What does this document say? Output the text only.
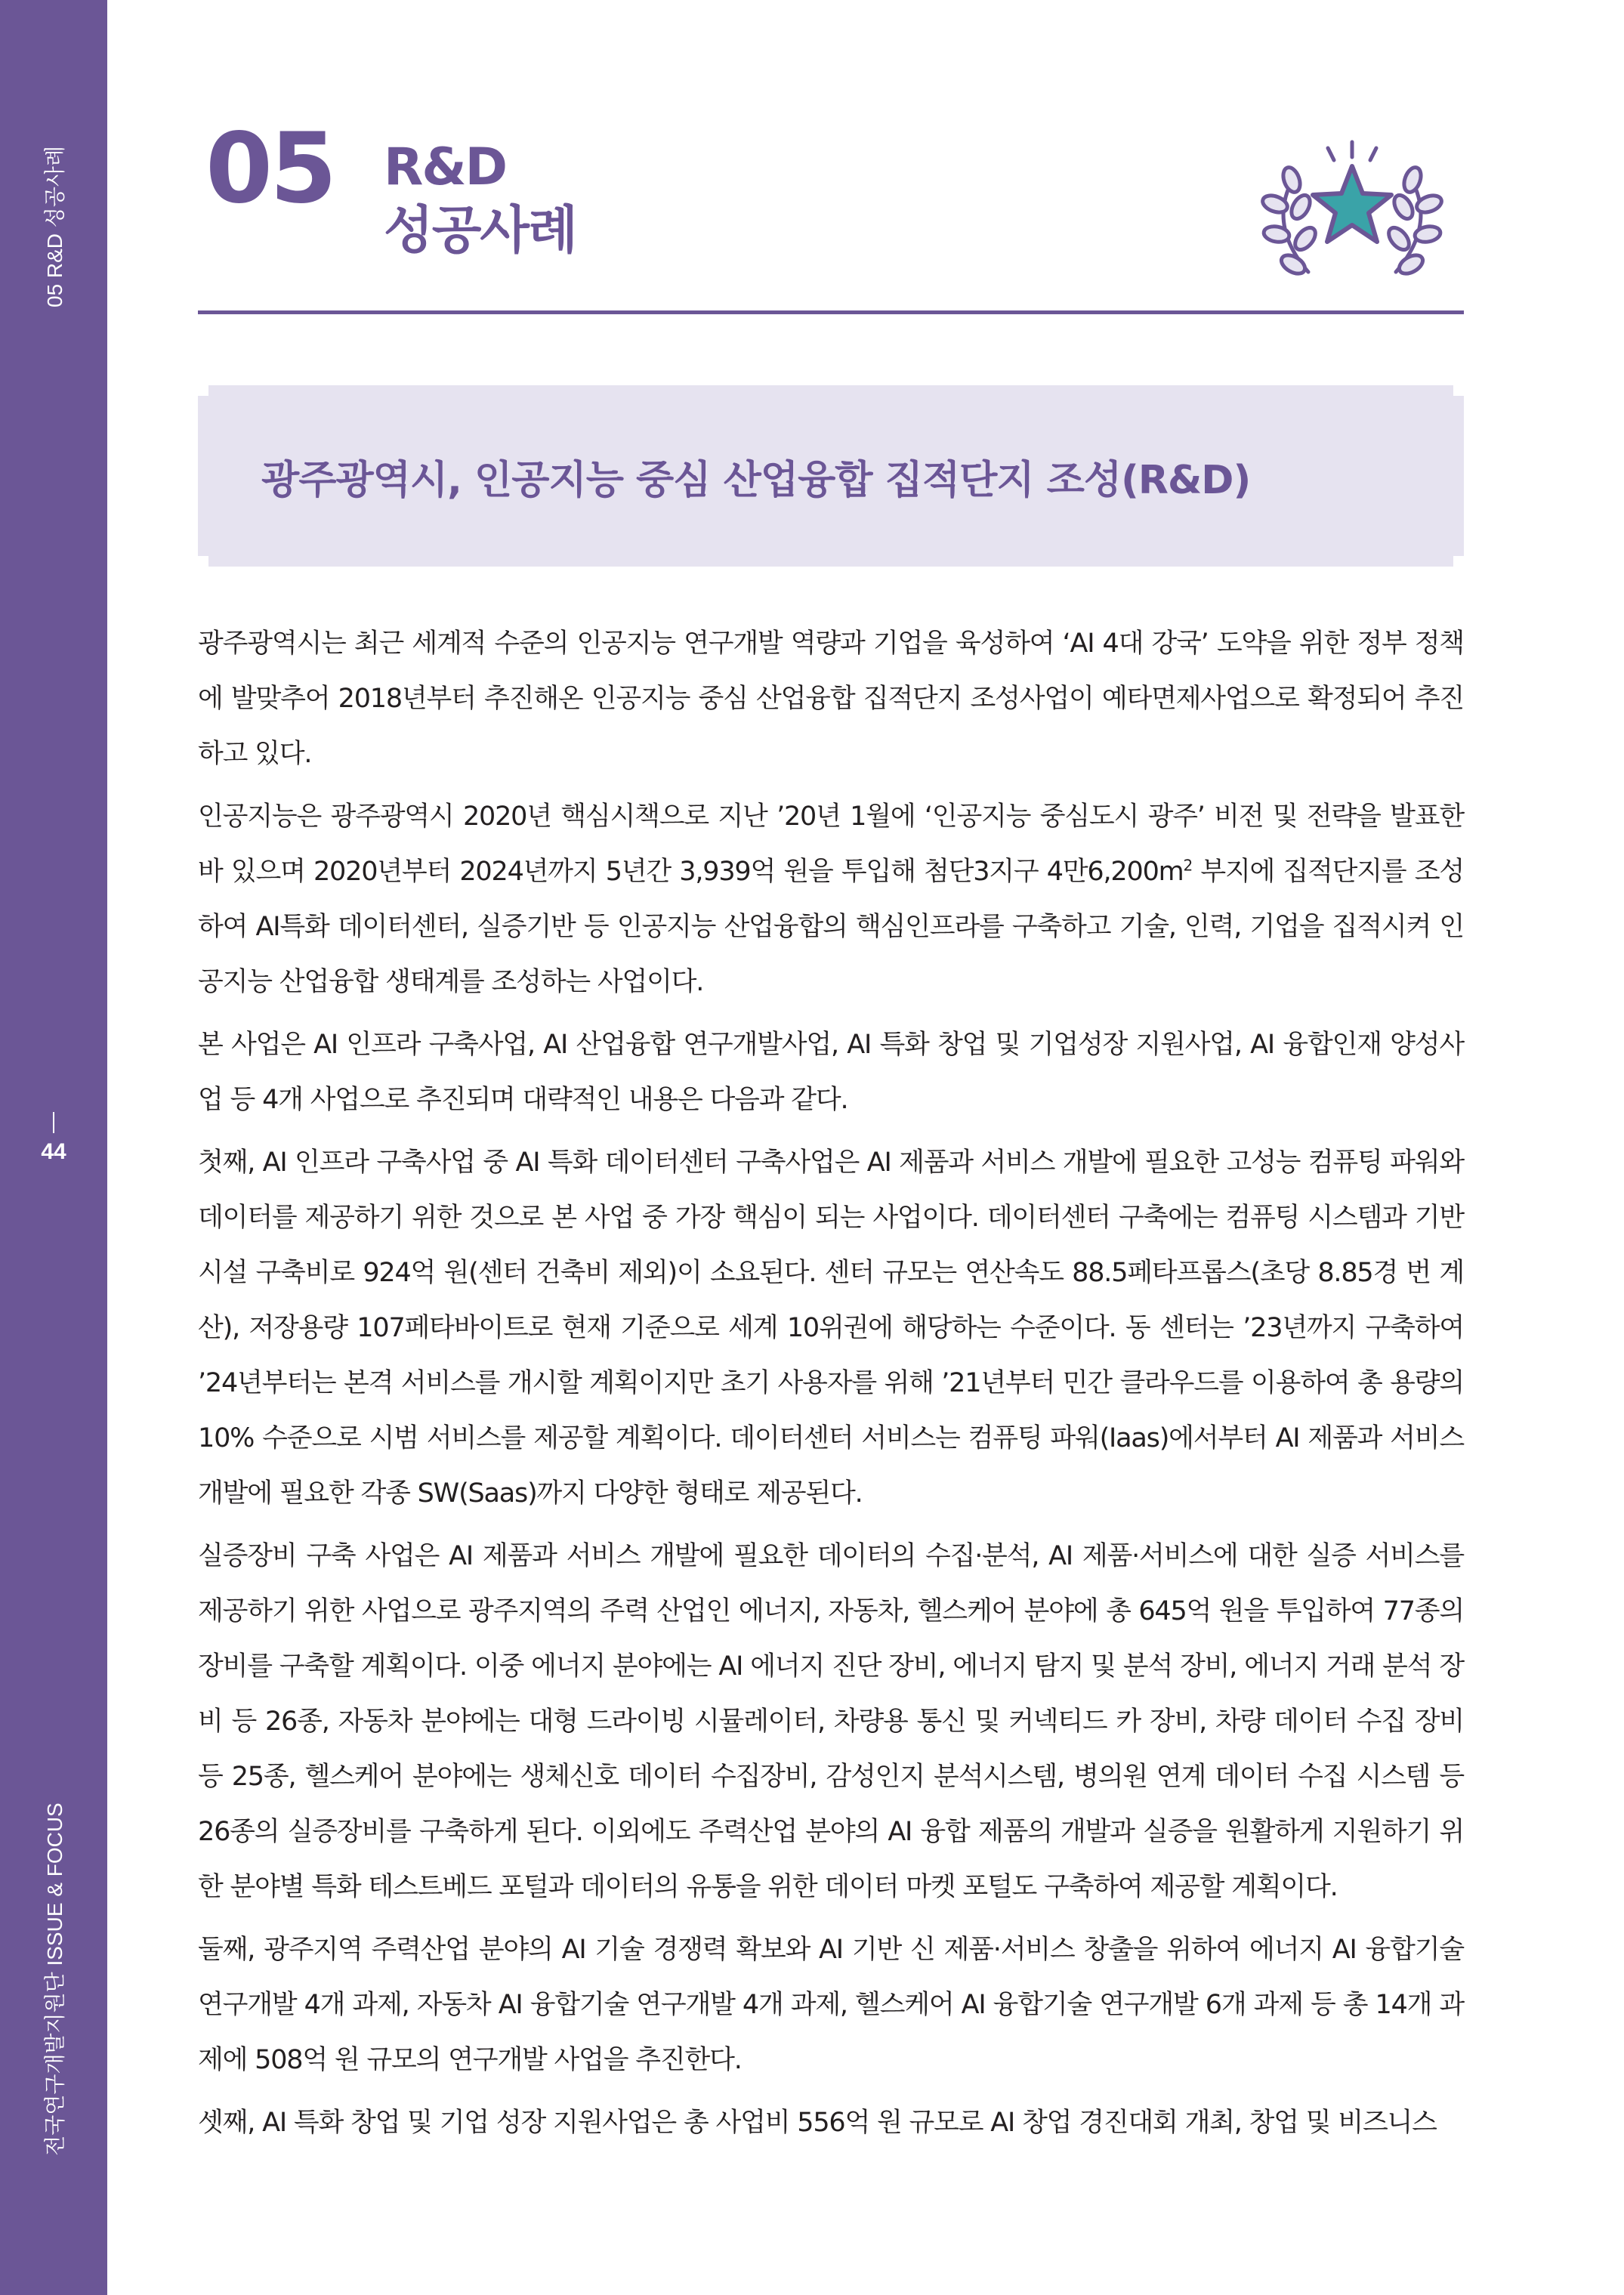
05 R&D 성공사례
44
전국연구개발지원단 ISSUE & FOCUS
05 R&D
성공사례
광주광역시, 인공지능 중심 산업융합 집적단지 조성(R&D)

광주광역시는 최근 세계적 수준의 인공지능 연구개발 역량과 기업을 육성하여 ‘AI 4대 강국’ 도약을 위한 정부 정책에 발맞추어 2018년부터 추진해온 인공지능 중심 산업융합 집적단지 조성사업이 예타면제사업으로 확정되어 추진하고 있다.

인공지능은 광주광역시 2020년 핵심시책으로 지난 ’20년 1월에 ‘인공지능 중심도시 광주’ 비전 및 전략을 발표한 바 있으며 2020년부터 2024년까지 5년간 3,939억 원을 투입해 첨단3지구 4만$6,200m^2$ 부지에 집적단지를 조성하여 AI특화 데이터센터, 실증기반 등 인공지능 산업융합의 핵심인프라를 구축하고 기술, 인력, 기업을 집적시켜 인공지능 산업융합 생태계를 조성하는 사업이다.

본 사업은 AI 인프라 구축사업, AI 산업융합 연구개발사업, AI 특화 창업 및 기업성장 지원사업, AI 융합인재 양성사업 등 4개 사업으로 추진되며 대략적인 내용은 다음과 같다.

첫째, AI 인프라 구축사업 중 AI 특화 데이터센터 구축사업은 AI 제품과 서비스 개발에 필요한 고성능 컴퓨팅 파워와 데이터를 제공하기 위한 것으로 본 사업 중 가장 핵심이 되는 사업이다. 데이터센터 구축에는 컴퓨팅 시스템과 기반시설 구축비로 924억 원(센터 건축비 제외)이 소요된다. 센터 규모는 연산속도 88.5페타프롭스(초당 8.85경 번 계산), 저장용량 107페타바이트로 현재 기준으로 세계 10위권에 해당하는 수준이다. 동 센터는 ’23년까지 구축하여 ’24년부터는 본격 서비스를 개시할 계획이지만 초기 사용자를 위해 ’21년부터 민간 클라우드를 이용하여 총 용량의 10% 수준으로 시범 서비스를 제공할 계획이다. 데이터센터 서비스는 컴퓨팅 파워(Iaas)에서부터 AI 제품과 서비스 개발에 필요한 각종 SW(Saas)까지 다양한 형태로 제공된다.

실증장비 구축 사업은 AI 제품과 서비스 개발에 필요한 데이터의 수집·분석, AI 제품·서비스에 대한 실증 서비스를 제공하기 위한 사업으로 광주지역의 주력 산업인 에너지, 자동차, 헬스케어 분야에 총 645억 원을 투입하여 77종의 장비를 구축할 계획이다. 이중 에너지 분야에는 AI 에너지 진단 장비, 에너지 탐지 및 분석 장비, 에너지 거래 분석 장비 등 26종, 자동차 분야에는 대형 드라이빙 시뮬레이터, 차량용 통신 및 커넥티드 카 장비, 차량 데이터 수집 장비 등 25종, 헬스케어 분야에는 생체신호 데이터 수집장비, 감성인지 분석시스템, 병의원 연계 데이터 수집 시스템 등 26종의 실증장비를 구축하게 된다. 이외에도 주력산업 분야의 AI 융합 제품의 개발과 실증을 원활하게 지원하기 위한 분야별 특화 테스트베드 포털과 데이터의 유통을 위한 데이터 마켓 포털도 구축하여 제공할 계획이다.

둘째, 광주지역 주력산업 분야의 AI 기술 경쟁력 확보와 AI 기반 신 제품·서비스 창출을 위하여 에너지 AI 융합기술 연구개발 4개 과제, 자동차 AI 융합기술 연구개발 4개 과제, 헬스케어 AI 융합기술 연구개발 6개 과제 등 총 14개 과제에 508억 원 규모의 연구개발 사업을 추진한다.

셋째, AI 특화 창업 및 기업 성장 지원사업은 총 사업비 556억 원 규모로 AI 창업 경진대회 개최, 창업 및 비즈니스
